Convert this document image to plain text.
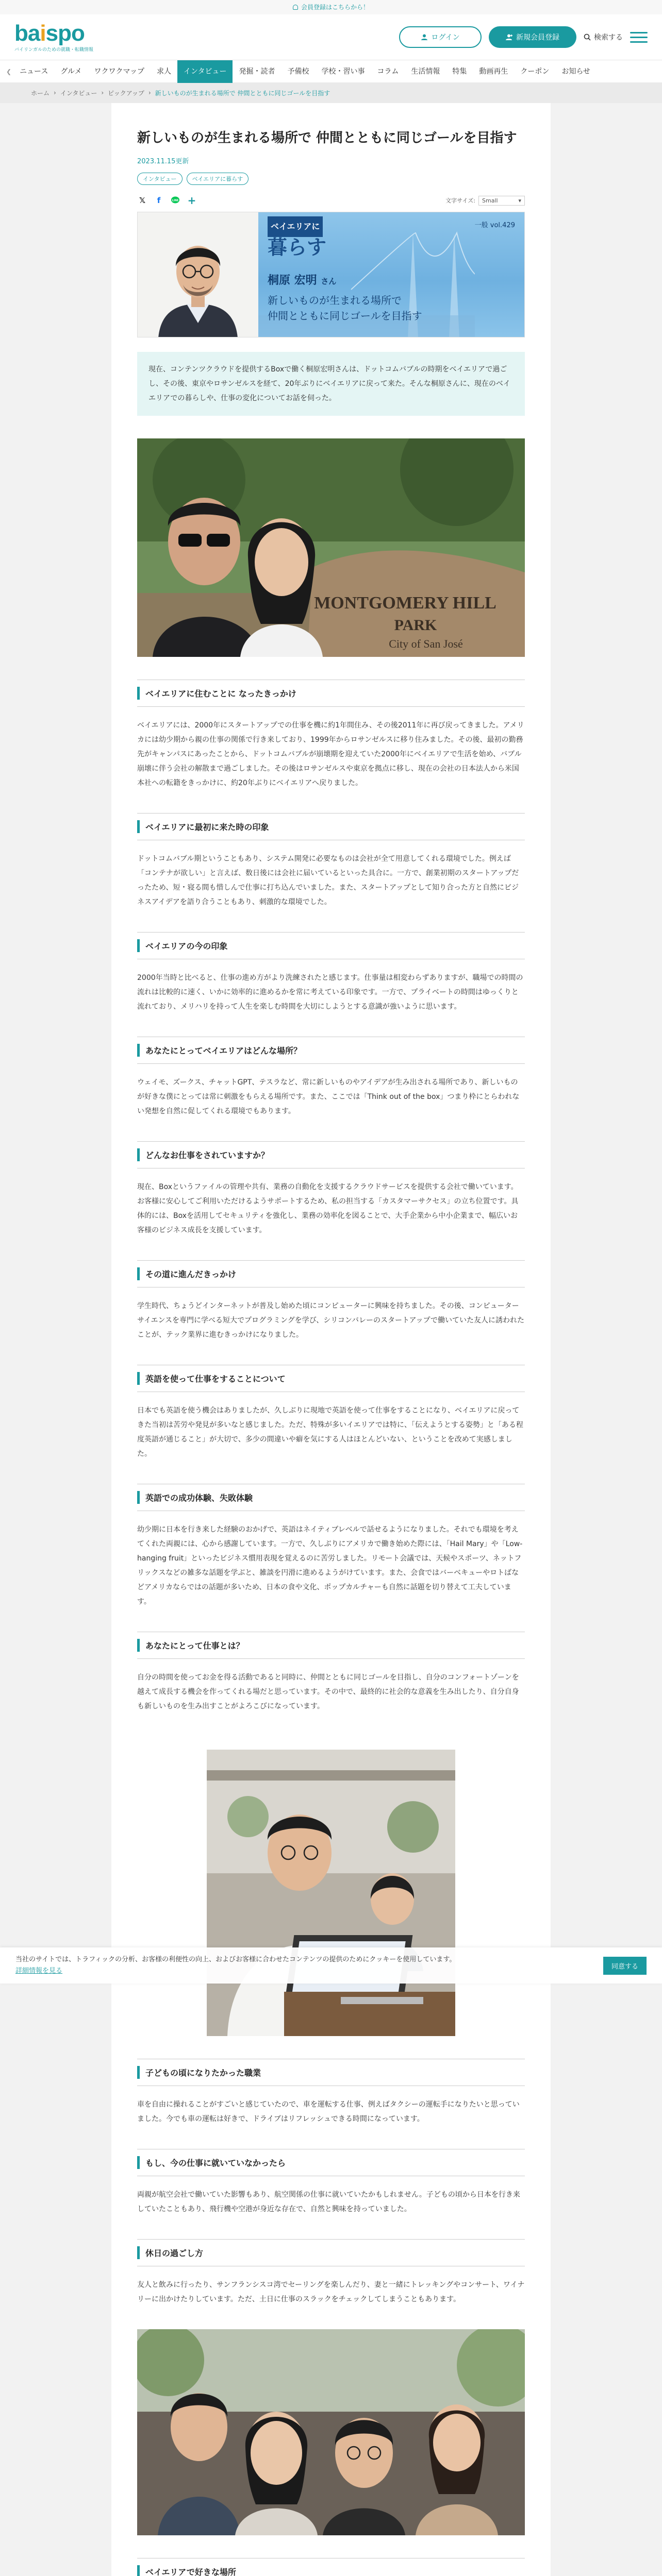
会員登録はこちらから！
baispo
バイリンガルのための就職・転職情報
ログイン	新規会員登録	検索する
❮	ニュース	グルメ	ワクワクマップ	求人	インタビュー	発掘・読者	予備校	学校・習い事	コラム	生活情報	特集	動画再生	クーポン	お知らせ
ホーム › インタビュー › ピックアップ › 新しいものが生まれる場所で 仲間とともに同じゴールを目指す
新しいものが生まれる場所で 仲間とともに同じゴールを目指す
2023.11.15更新
インタビュー	ベイエリアに暮らす
𝕏	f	LINE +	文字サイズ: Small	▾
ベイエリアに
暮らす
一般 vol.429
桐原 宏明 さん
新しいものが生まれる場所で
仲間とともに同じゴールを目指す
現在、コンテンツクラウドを提供するBoxで働く桐原宏明さんは、ドットコムバブルの時期をベイエリアで過ごし、その後、東京やロサンゼルスを経て、20年ぶりにベイエリアに戻って来た。そんな桐原さんに、現在のベイエリアでの暮らしや、仕事の変化についてお話を伺った。
MONTGOMERY HILL
PARK
City of San José
ベイエリアに住むことに なったきっかけ

ベイエリアには、2000年にスタートアップでの仕事を機に約1年間住み、その後2011年に再び戻ってきました。アメリカには幼少期から親の仕事の関係で行き来しており、1999年からロサンゼルスに移り住みました。その後、最初の勤務先がキャンパスにあったことから、ドットコムバブルが崩壊期を迎えていた2000年にベイエリアで生活を始め、バブル崩壊に伴う会社の解散まで過ごしました。その後はロサンゼルスや東京を拠点に移し、現在の会社の日本法人から米国本社への転籍をきっかけに、約20年ぶりにベイエリアへ戻りました。

ベイエリアに最初に来た時の印象

ドットコムバブル期ということもあり、システム開発に必要なものは会社が全て用意してくれる環境でした。例えば「コンテナが欲しい」と言えば、数日後には会社に届いているといった具合に。一方で、創業初期のスタートアップだったため、短・寝る間も惜しんで仕事に打ち込んでいました。また、スタートアップとして知り合った方と自然にビジネスアイデアを語り合うこともあり、刺激的な環境でした。

ベイエリアの今の印象

2000年当時と比べると、仕事の進め方がより洗練されたと感じます。仕事量は相変わらずありますが、職場での時間の流れは比較的に速く、いかに効率的に進めるかを常に考えている印象です。一方で、プライベートの時間はゆっくりと流れており、メリハリを持って人生を楽しむ時間を大切にしようとする意識が強いように思います。

あなたにとってベイエリアはどんな場所？

ウェイモ、ズークス、チャットGPT、テスラなど、常に新しいものやアイデアが生み出される場所であり、新しいものが好きな僕にとっては常に刺激をもらえる場所です。また、ここでは「Think out of the box」つまり枠にとらわれない発想を自然に促してくれる環境でもあります。

どんなお仕事をされていますか？

現在、Boxというファイルの管理や共有、業務の自動化を支援するクラウドサービスを提供する会社で働いています。お客様に安心してご利用いただけるようサポートするため、私の担当する「カスタマーサクセス」の立ち位置です。具体的には、Boxを活用してセキュリティを強化し、業務の効率化を図ることで、大手企業から中小企業まで、幅広いお客様のビジネス成長を支援しています。

その道に進んだきっかけ

学生時代、ちょうどインターネットが普及し始めた頃にコンピューターに興味を持ちました。その後、コンピューターサイエンスを専門に学べる短大でプログラミングを学び、シリコンバレーのスタートアップで働いていた友人に誘われたことが、テック業界に進むきっかけになりました。

英語を使って仕事をすることについて

日本でも英語を使う機会はありましたが、久しぶりに現地で英語を使って仕事をすることになり、ベイエリアに戻ってきた当初は苦労や発見が多いなと感じました。ただ、特殊が多いイエリアでは特に、「伝えようとする姿勢」と「ある程度英語が通じること」が大切で、多少の間違いや癖を気にする人はほとんどいない、ということを改めて実感しました。

英語での成功体験、失敗体験

幼少期に日本を行き来した経験のおかげで、英語はネイティブレベルで話せるようになりました。それでも環境を考えてくれた両親には、心から感謝しています。一方で、久しぶりにアメリカで働き始めた際には、「Hail Mary」や「Low-hanging fruit」といったビジネス慣用表現を覚えるのに苦労しました。リモート会議では、天候やスポーツ、ネットフリックスなどの雑多な話題を学ぶと、雑談を円滑に進めるようがけています。また、会食ではバーベキューやロトばなどアメリカならではの話題が多いため、日本の食や文化、ポップカルチャーも自然に話題を切り替えて工夫しています。

あなたにとって仕事とは？

自分の時間を使ってお金を得る活動であると同時に、仲間とともに同じゴールを目指し、自分のコンフォートゾーンを越えて成長する機会を作ってくれる場だと思っています。その中で、最終的に社会的な意義を生み出したり、自分自身も新しいものを生み出すことがよろこびになっています。

子どもの頃になりたかった職業

車を自由に操れることがすごいと感じていたので、車を運転する仕事、例えばタクシーの運転手になりたいと思っていました。今でも車の運転は好きで、ドライブはリフレッシュできる時間になっています。

もし、今の仕事に就いていなかったら

両親が航空会社で働いていた影響もあり、航空関係の仕事に就いていたかもしれません。子どもの頃から日本を行き来していたこともあり、飛行機や空港が身近な存在で、自然と興味を持っていました。

休日の過ごし方

友人と飲みに行ったり、サンフランシスコ湾でセーリングを楽しんだり、妻と一緒にトレッキングやコンサート、ワイナリーに出かけたりしています。ただ、土日に仕事のスラックをチェックしてしまうこともあります。

ベイエリアで好きな場所

当社のサイトでは、トラフィックの分析、お客様の利便性の向上、およびお客様に合わせたコンテンツの提供のためにクッキーを使用しています。
詳細情報を見る
同意する
